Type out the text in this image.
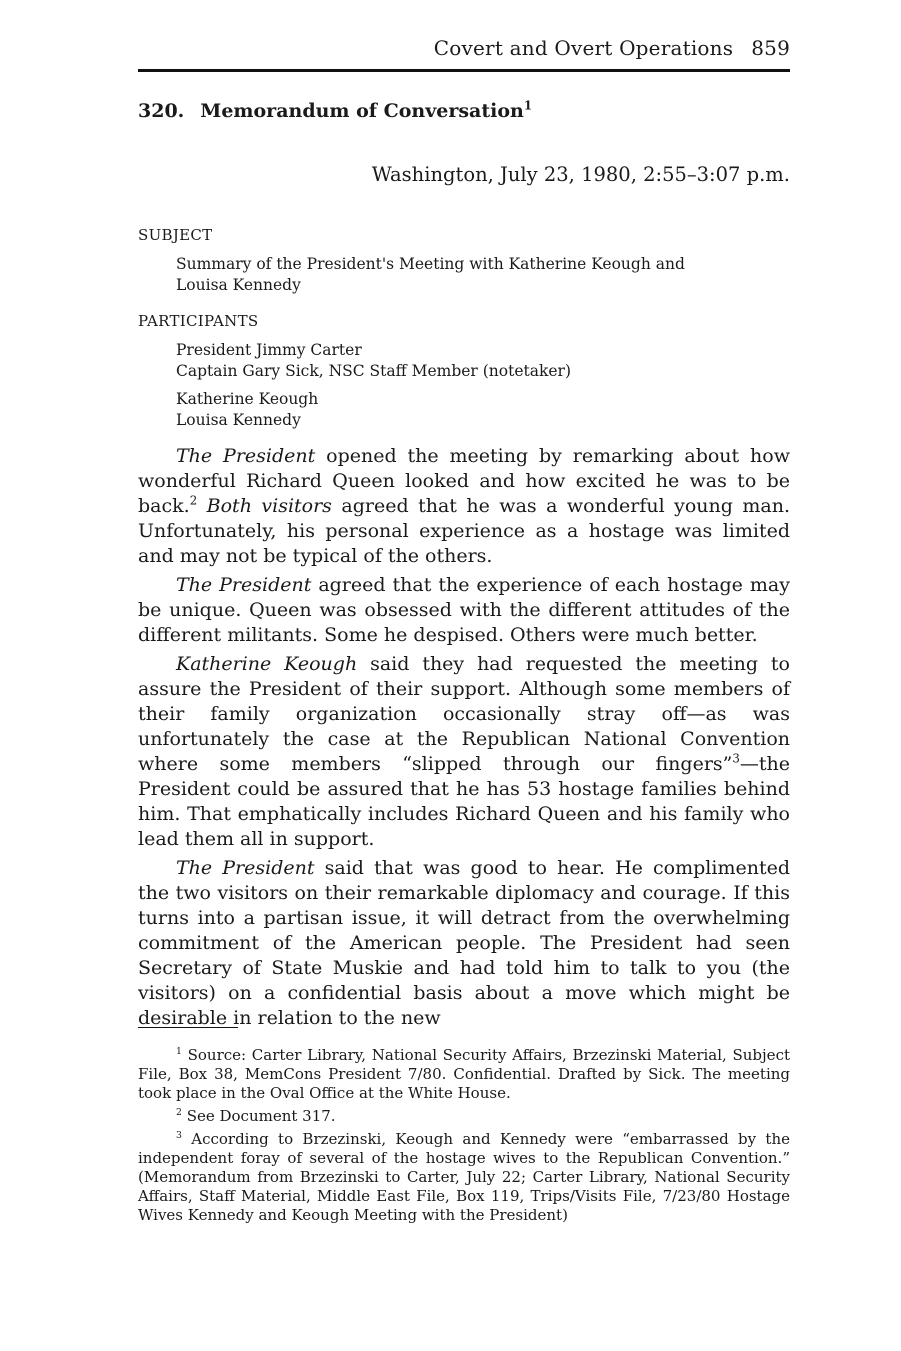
Covert and Overt Operations 859
320. Memorandum of Conversation$^1$
Washington, July 23, 1980, 2:55–3:07 p.m.
SUBJECT
Summary of the President's Meeting with Katherine Keough and
Louisa Kennedy
PARTICIPANTS
President Jimmy Carter
Captain Gary Sick, NSC Staff Member (notetaker)
Katherine Keough
Louisa Kennedy

The President opened the meeting by remarking about how wonderful Richard Queen looked and how excited he was to be back.$^2$ Both visitors agreed that he was a wonderful young man. Unfortunately, his personal experience as a hostage was limited and may not be typical of the others.

The President agreed that the experience of each hostage may be unique. Queen was obsessed with the different attitudes of the different militants. Some he despised. Others were much better.

Katherine Keough said they had requested the meeting to assure the President of their support. Although some members of their family organization occasionally stray off—as was unfortunately the case at the Republican National Convention where some members “slipped through our fingers”$^3$—the President could be assured that he has 53 hostage families behind him. That emphatically includes Richard Queen and his family who lead them all in support.

The President said that was good to hear. He complimented the two visitors on their remarkable diplomacy and courage. If this turns into a partisan issue, it will detract from the overwhelming commitment of the American people. The President had seen Secretary of State Muskie and had told him to talk to you (the visitors) on a confidential basis about a move which might be desirable in relation to the new

$^1$ Source: Carter Library, National Security Affairs, Brzezinski Material, Subject File, Box 38, MemCons President 7/80. Confidential. Drafted by Sick. The meeting took place in the Oval Office at the White House.

$^2$ See Document 317.

$^3$ According to Brzezinski, Keough and Kennedy were “embarrassed by the independent foray of several of the hostage wives to the Republican Convention.” (Memorandum from Brzezinski to Carter, July 22; Carter Library, National Security Affairs, Staff Material, Middle East File, Box 119, Trips/Visits File, 7/23/80 Hostage Wives Kennedy and Keough Meeting with the President)
